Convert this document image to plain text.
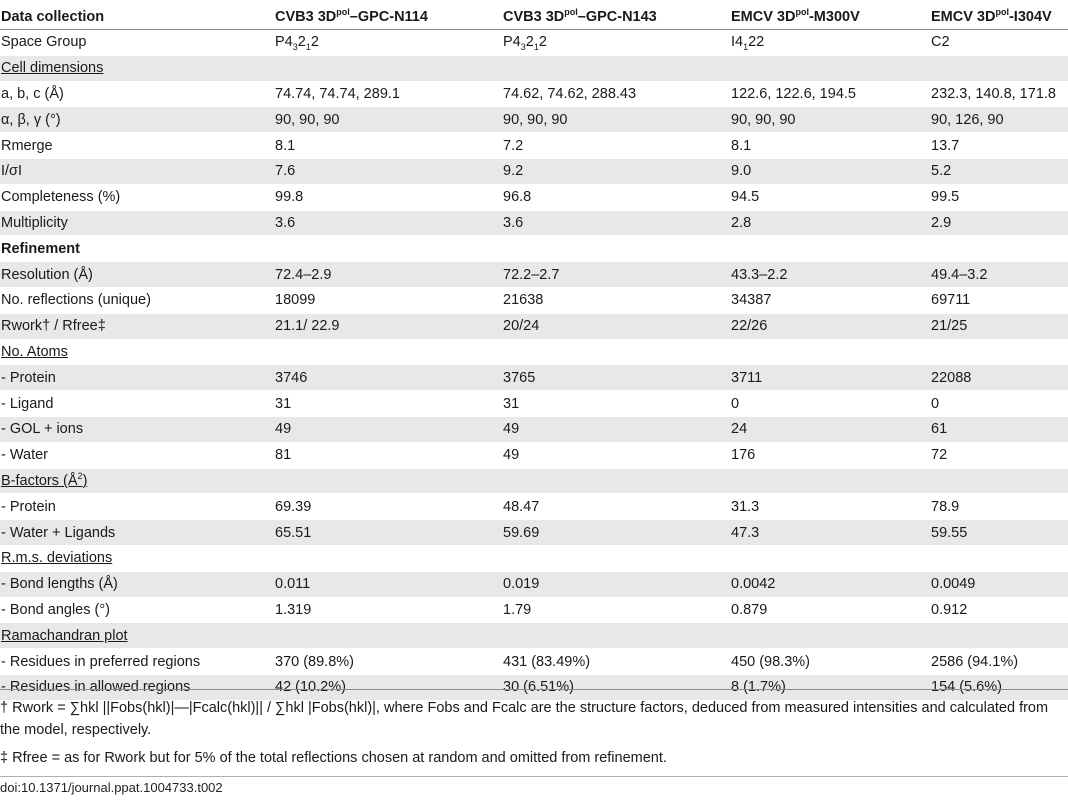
Data collection	CVB3 $3D^{pol}-GPC-N114$	CVB3 $3D^{pol}-GPC-N143$	EMCV $3D^{pol}-M300V$	EMCV $3D^{pol}-I304V$
Space Group	$P4_32_12$	$P4_32_12$	$I4_122$	C2
Cell dimensions				
a, b, c (Å)	74.74, 74.74, 289.1	74.62, 74.62, 288.43	122.6, 122.6, 194.5	232.3, 140.8, 171.8
α, β, γ (°)	90, 90, 90	90, 90, 90	90, 90, 90	90, 126, 90
Rmerge	8.1	7.2	8.1	13.7
I/σI	7.6	9.2	9.0	5.2
Completeness (%)	99.8	96.8	94.5	99.5
Multiplicity	3.6	3.6	2.8	2.9
Refinement				
Resolution (Å)	72.4–2.9	72.2–2.7	43.3–2.2	49.4–3.2
No. reflections (unique)	18099	21638	34387	69711
Rwork† / Rfree‡	21.1/ 22.9	20/24	22/26	21/25
No. Atoms				
- Protein	3746	3765	3711	22088
- Ligand	31	31	0	0
- GOL + ions	49	49	24	61
- Water	81	49	176	72
B-factors $(Å^2)$				
- Protein	69.39	48.47	31.3	78.9
- Water + Ligands	65.51	59.69	47.3	59.55
R.m.s. deviations				
- Bond lengths (Å)	0.011	0.019	0.0042	0.0049
- Bond angles (°)	1.319	1.79	0.879	0.912
Ramachandran plot				
- Residues in preferred regions	370 (89.8%)	431 (83.49%)	450 (98.3%)	2586 (94.1%)
- Residues in allowed regions	42 (10.2%)	30 (6.51%)	8 (1.7%)	154 (5.6%)
† Rwork = ∑hkl ||Fobs(hkl)|—|Fcalc(hkl)|| / ∑hkl |Fobs(hkl)|, where Fobs and Fcalc are the structure factors, deduced from measured intensities and calculated from the model, respectively.
‡ Rfree = as for Rwork but for 5% of the total reflections chosen at random and omitted from refinement.
doi:10.1371/journal.ppat.1004733.t002
